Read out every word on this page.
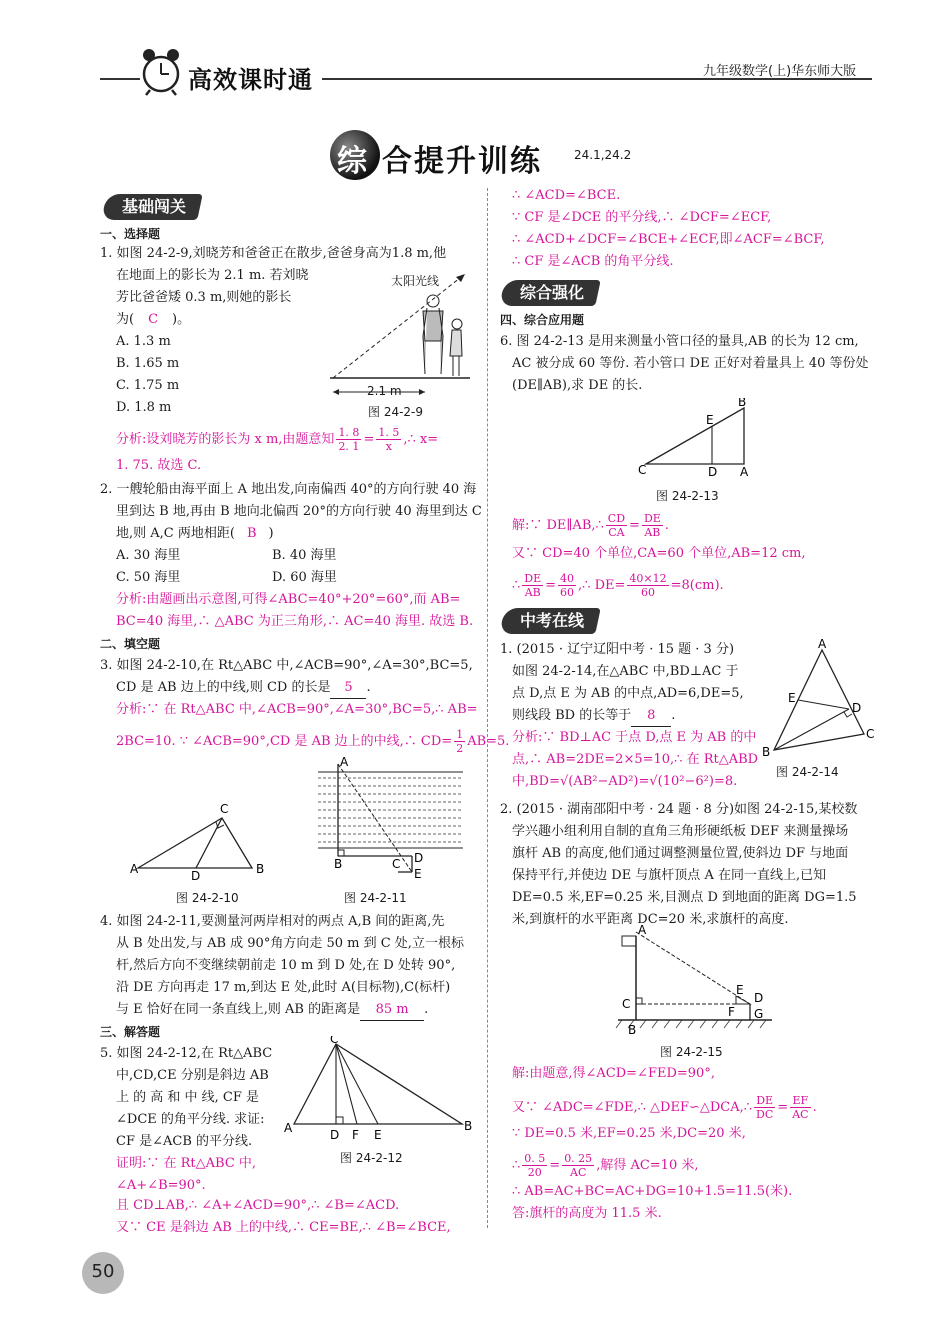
高效课时通	九年级数学(上)华东师大版
综 合提升训练	24.1,24.2
基础闯关
一、选择题
1. 如图 24-2-9,刘晓芳和爸爸正在散步,爸爸身高为1.8 m,他
在地面上的影长为 2.1 m. 若刘晓
芳比爸爸矮 0.3 m,则她的影长
为( C )。
A. 1.3 m
B. 1.65 m
C. 1.75 m
D. 1.8 m
太阳光线
2.1 m
图 24-2-9
分析:设刘晓芳的影长为 x m,由题意知 $\frac{1. 8}{2. 1} = \frac{1. 5}{x}$ ,∴ x=
1. 75. 故选 C.
2. 一艘轮船由海平面上 A 地出发,向南偏西 40°的方向行驶 40 海
里到达 B 地,再由 B 地向北偏西 20°的方向行驶 40 海里到达 C
地,则 A,C 两地相距( B )
A. 30 海里	B. 40 海里
C. 50 海里	D. 60 海里
分析:由题画出示意图,可得∠ABC=40°+20°=60°,而 AB=
BC=40 海里,∴ △ABC 为正三角形,∴ AC=40 海里. 故选 B.
二、填空题
3. 如图 24-2-10,在 Rt△ABC 中,∠ACB=90°,∠A=30°,BC=5,
CD 是 AB 边上的中线,则 CD 的长是 5 .
分析:∵ 在 Rt△ABC 中,∠ACB=90°,∠A=30°,BC=5,∴ AB=
2BC=10. ∵ ∠ACB=90°,CD 是 AB 边上的中线,∴ $CD= \frac{1}{2} AB=5$.
A
C
B
D
图 24-2-10
A
B	C D
E
图 24-2-11
4. 如图 24-2-11,要测量河两岸相对的两点 A,B 间的距离,先
从 B 处出发,与 AB 成 90°角方向走 50 m 到 C 处,立一根标
杆,然后方向不变继续朝前走 10 m 到 D 处,在 D 处转 90°,
沿 DE 方向再走 17 m,到达 E 处,此时 A(目标物),C(标杆)
与 E 恰好在同一条直线上,则 AB 的距离是 85 m .
三、解答题
5. 如图 24-2-12,在 Rt△ABC
中,CD,CE 分别是斜边 AB
上 的 高 和 中 线, CF 是
∠DCE 的角平分线. 求证:
CF 是∠ACB 的平分线.
证明:∵ 在 Rt△ABC 中,
∠A+∠B=90°.
且 CD⊥AB,∴ ∠A+∠ACD=90°,∴ ∠B=∠ACD.
又∵ CE 是斜边 AB 上的中线,∴ CE=BE,∴ ∠B=∠BCE,
A
C
B
D F E
图 24-2-12
∴ ∠ACD=∠BCE.
∵ CF 是∠DCE 的平分线,∴ ∠DCF=∠ECF,
∴ ∠ACD+∠DCF=∠BCE+∠ECF,即∠ACF=∠BCF,
∴ CF 是∠ACB 的角平分线.
综合强化
四、综合应用题
6. 图 24-2-13 是用来测量小管口径的量具,AB 的长为 12 cm,
AC 被分成 60 等份. 若小管口 DE 正好对着量具上 40 等份处
(DE∥AB),求 DE 的长.
C
B
A
E
D
图 24-2-13
解:∵ DE∥AB,∴ $\frac{CD}{CA} = \frac{DE}{AB}$ .
又∵ CD=40 个单位,CA=60 个单位,AB=12 cm,
∴ $\frac{DE}{AB} = \frac{40}{60}$ ,∴ $DE= \frac{40\times 12}{60} =8(cm)$.
中考在线
1. (2015 · 辽宁辽阳中考 · 15 题 · 3 分)
如图 24-2-14,在△ABC 中,BD⊥AC 于
点 D,点 E 为 AB 的中点,AD=6,DE=5,
则线段 BD 的长等于 8 .
分析:∵ BD⊥AC 于点 D,点 E 为 AB 的中
点,∴ AB=2DE=2×5=10,∴ 在 Rt△ABD
中,BD=√(AB²−AD²)=√(10²−6²)=8.
A
B
C
D
E
图 24-2-14
2. (2015 · 湖南邵阳中考 · 24 题 · 8 分)如图 24-2-15,某校数
学兴趣小组利用自制的直角三角形硬纸板 DEF 来测量操场
旗杆 AB 的高度,他们通过调整测量位置,使斜边 DF 与地面
保持平行,并使边 DE 与旗杆顶点 A 在同一直线上,已知
DE=0.5 米,EF=0.25 米,目测点 D 到地面的距离 DG=1.5
米,到旗杆的水平距离 DC=20 米,求旗杆的高度.
A
B
C	D
E
F G
图 24-2-15
解:由题意,得∠ACD=∠FED=90°,
又∵ ∠ADC=∠FDE,∴ △DEF∽△DCA,∴ $\frac{DE}{DC} = \frac{EF}{AC}$ .
∵ DE=0.5 米,EF=0.25 米,DC=20 米,
∴ $\frac{0. 5}{20} = \frac{0. 25}{AC}$ ,解得 AC=10 米,
∴ AB=AC+BC=AC+DG=10+1.5=11.5(米).
答:旗杆的高度为 11.5 米.
50
